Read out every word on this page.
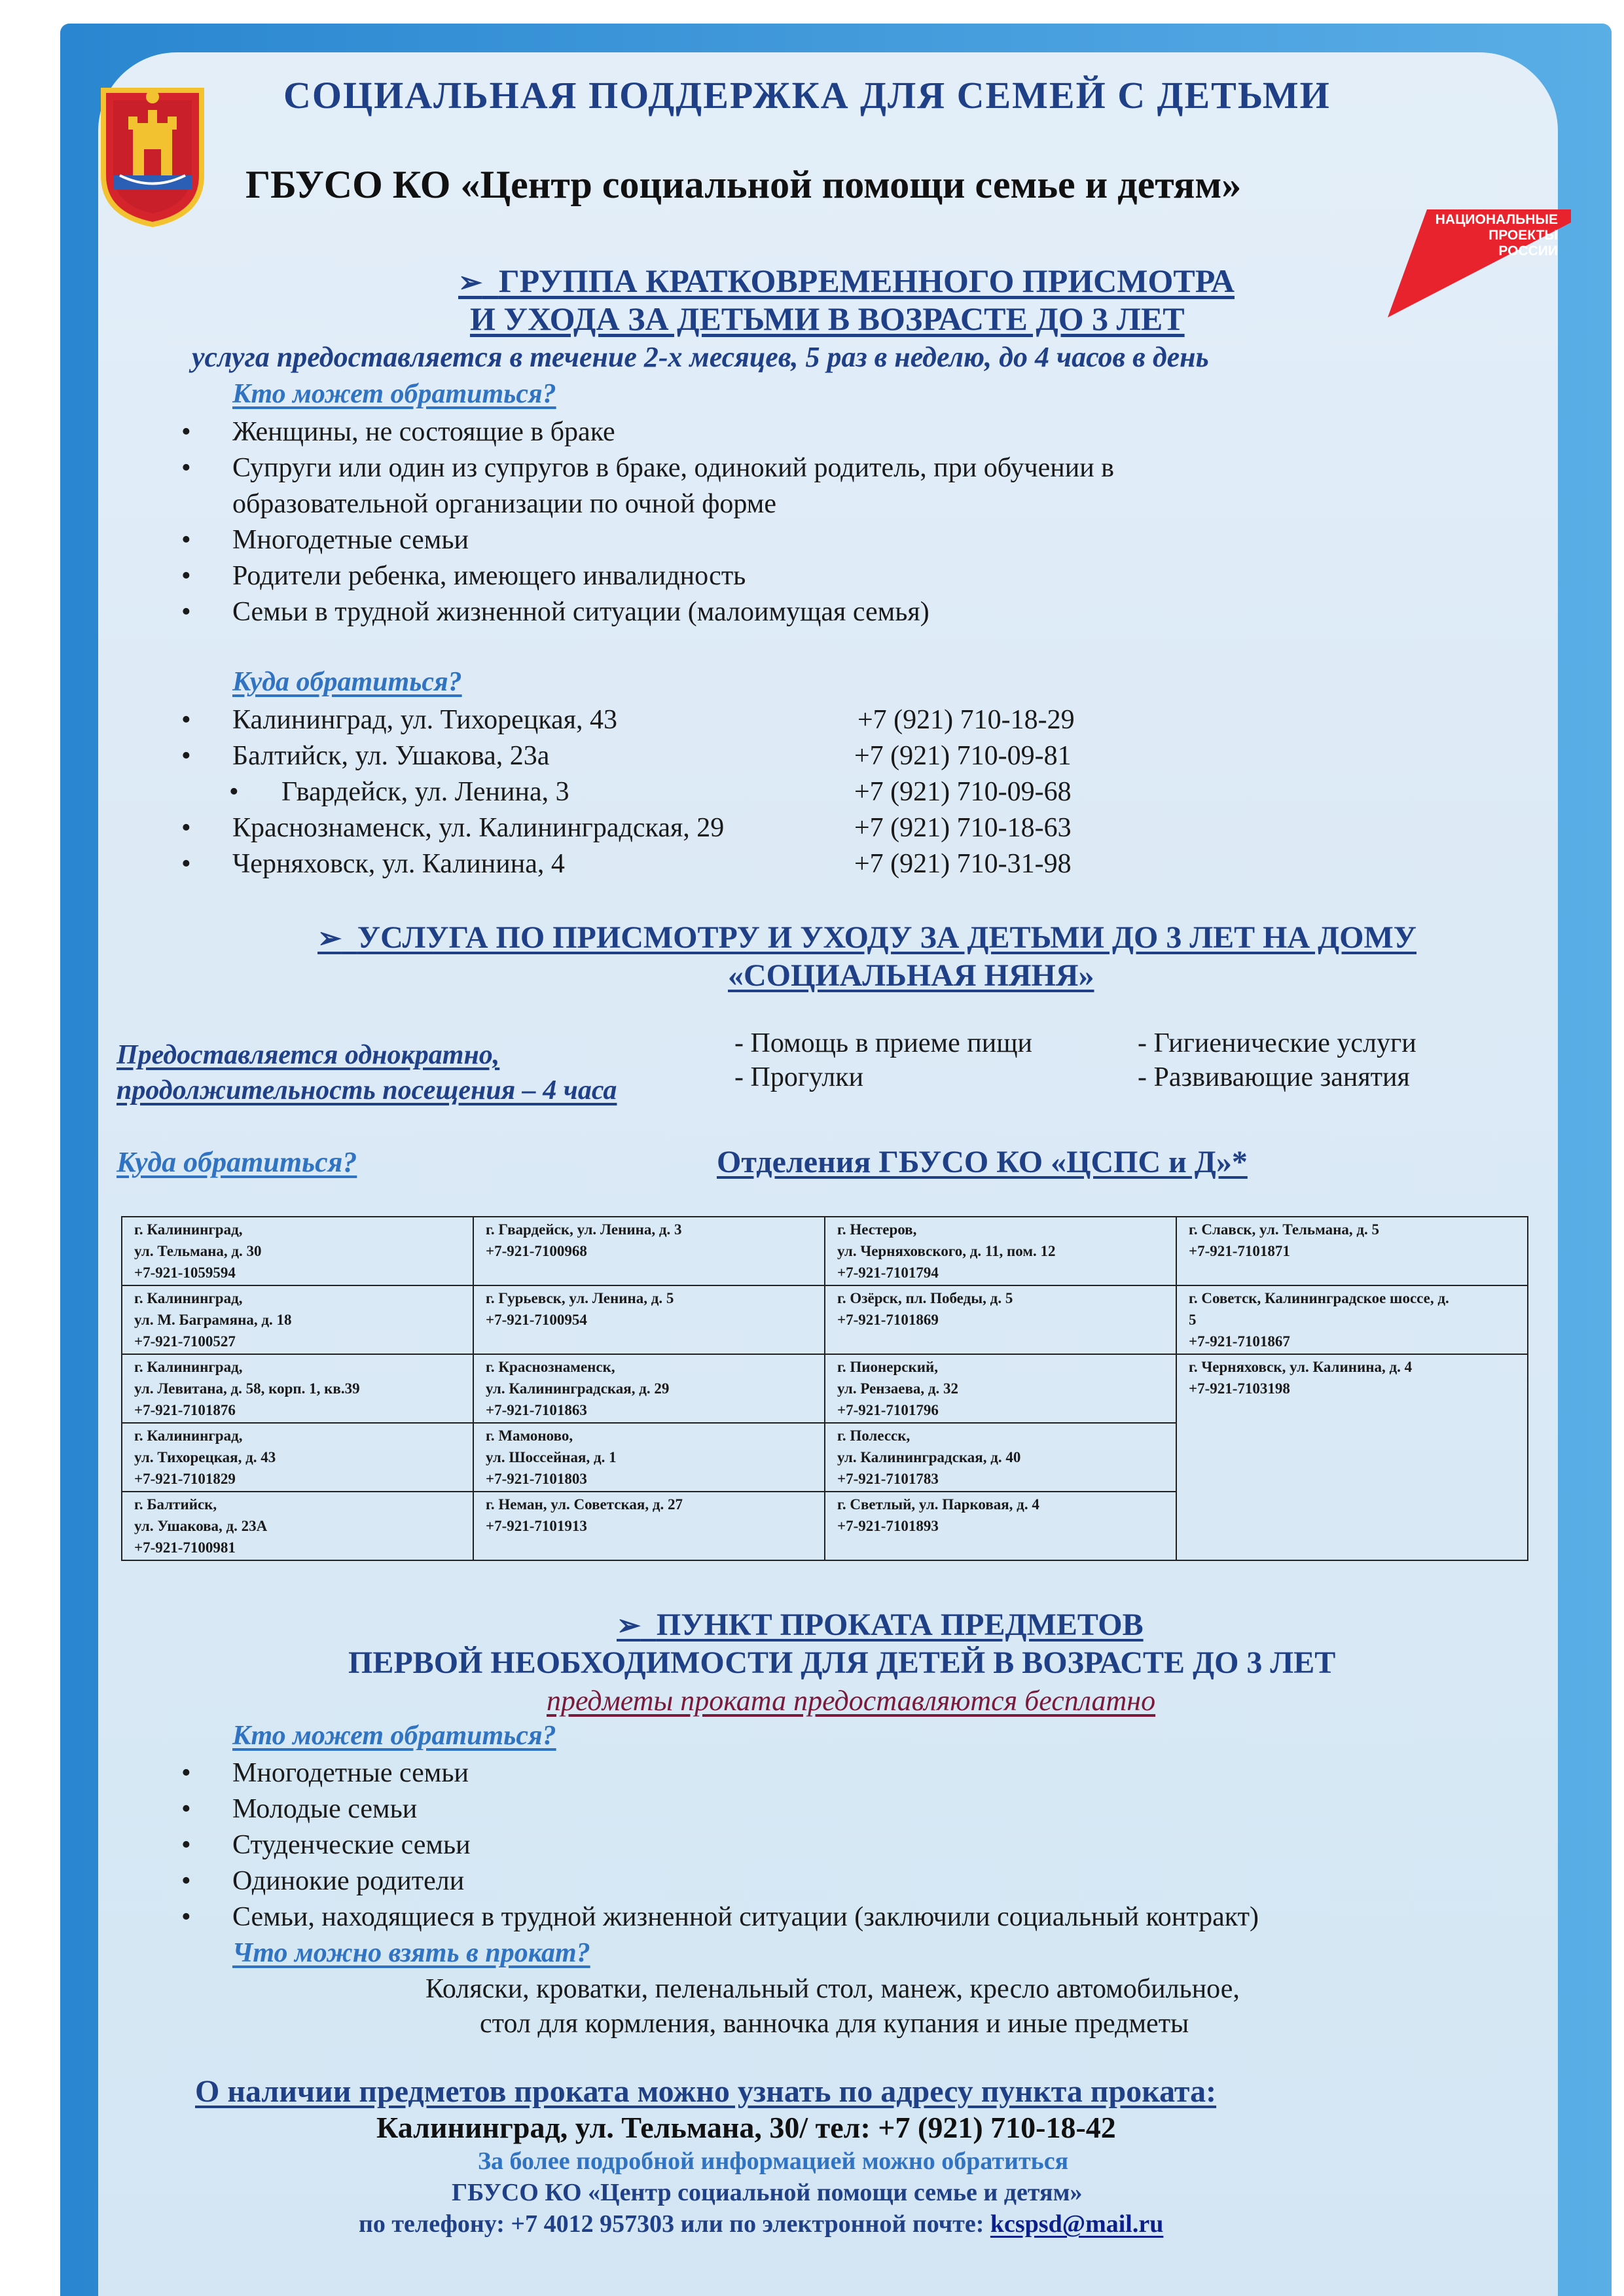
СОЦИАЛЬНАЯ ПОДДЕРЖКА ДЛЯ СЕМЕЙ С ДЕТЬМИ
ГБУСО КО «Центр социальной помощи семье и детям»
НАЦИОНАЛЬНЫЕ
ПРОЕКТЫ
РОССИИ
➢ ГРУППА КРАТКОВРЕМЕННОГО ПРИСМОТРА
И УХОДА ЗА ДЕТЬМИ В ВОЗРАСТЕ ДО 3 ЛЕТ
услуга предоставляется в течение 2-х месяцев, 5 раз в неделю, до 4 часов в день
Кто может обратиться?
• Женщины, не состоящие в браке
• Супруги или один из супругов в браке, одинокий родитель, при обучении в
образовательной организации по очной форме
• Многодетные семьи
• Родители ребенка, имеющего инвалидность
• Семьи в трудной жизненной ситуации (малоимущая семья)
Куда обратиться?
• Калининград, ул. Тихорецкая, 43	+7 (921) 710-18-29
• Балтийск, ул. Ушакова, 23а	+7 (921) 710-09-81
• Гвардейск, ул. Ленина, 3	+7 (921) 710-09-68
• Краснознаменск, ул. Калининградская, 29	+7 (921) 710-18-63
• Черняховск, ул. Калинина, 4	+7 (921) 710-31-98
➢ УСЛУГА ПО ПРИСМОТРУ И УХОДУ ЗА ДЕТЬМИ ДО 3 ЛЕТ НА ДОМУ
«СОЦИАЛЬНАЯ НЯНЯ»
Предоставляется однократно,
продолжительность посещения – 4 часа
- Помощь в приеме пищи
- Прогулки
- Гигиенические услуги
- Развивающие занятия
Куда обратиться?	Отделения ГБУСО КО «ЦСПС и Д»*
г. Калининград,
ул. Тельмана, д. 30
+7-921-1059594	г. Гвардейск, ул. Ленина, д. 3
+7-921-7100968	г. Нестеров,
ул. Черняховского, д. 11, пом. 12
+7-921-7101794	г. Славск, ул. Тельмана, д. 5
+7-921-7101871
г. Калининград,
ул. М. Баграмяна, д. 18
+7-921-7100527	г. Гурьевск, ул. Ленина, д. 5
+7-921-7100954	г. Озёрск, пл. Победы, д. 5
+7-921-7101869	г. Советск, Калининградское шоссе, д.
5
+7-921-7101867
г. Калининград,
ул. Левитана, д. 58, корп. 1, кв.39
+7-921-7101876	г. Краснознаменск,
ул. Калининградская, д. 29
+7-921-7101863	г. Пионерский,
ул. Рензаева, д. 32
+7-921-7101796	г. Черняховск, ул. Калинина, д. 4
+7-921-7103198
г. Калининград,
ул. Тихорецкая, д. 43
+7-921-7101829	г. Мамоново,
ул. Шоссейная, д. 1
+7-921-7101803	г. Полесск,
ул. Калининградская, д. 40
+7-921-7101783	
г. Балтийск,
ул. Ушакова, д. 23А
+7-921-7100981	г. Неман, ул. Советская, д. 27
+7-921-7101913	г. Светлый, ул. Парковая, д. 4
+7-921-7101893	
➢ ПУНКТ ПРОКАТА ПРЕДМЕТОВ
ПЕРВОЙ НЕОБХОДИМОСТИ ДЛЯ ДЕТЕЙ В ВОЗРАСТЕ ДО 3 ЛЕТ
предметы проката предоставляются бесплатно
Кто может обратиться?
• Многодетные семьи
• Молодые семьи
• Студенческие семьи
• Одинокие родители
• Семьи, находящиеся в трудной жизненной ситуации (заключили социальный контракт)
Что можно взять в прокат?
Коляски, кроватки, пеленальный стол, манеж, кресло автомобильное,
стол для кормления, ванночка для купания и иные предметы
О наличии предметов проката можно узнать по адресу пункта проката:
Калининград, ул. Тельмана, 30/ тел: +7 (921) 710-18-42
За более подробной информацией можно обратиться
ГБУСО КО «Центр социальной помощи семье и детям»
по телефону: +7 4012 957303 или по электронной почте: kcspsd@mail.ru
